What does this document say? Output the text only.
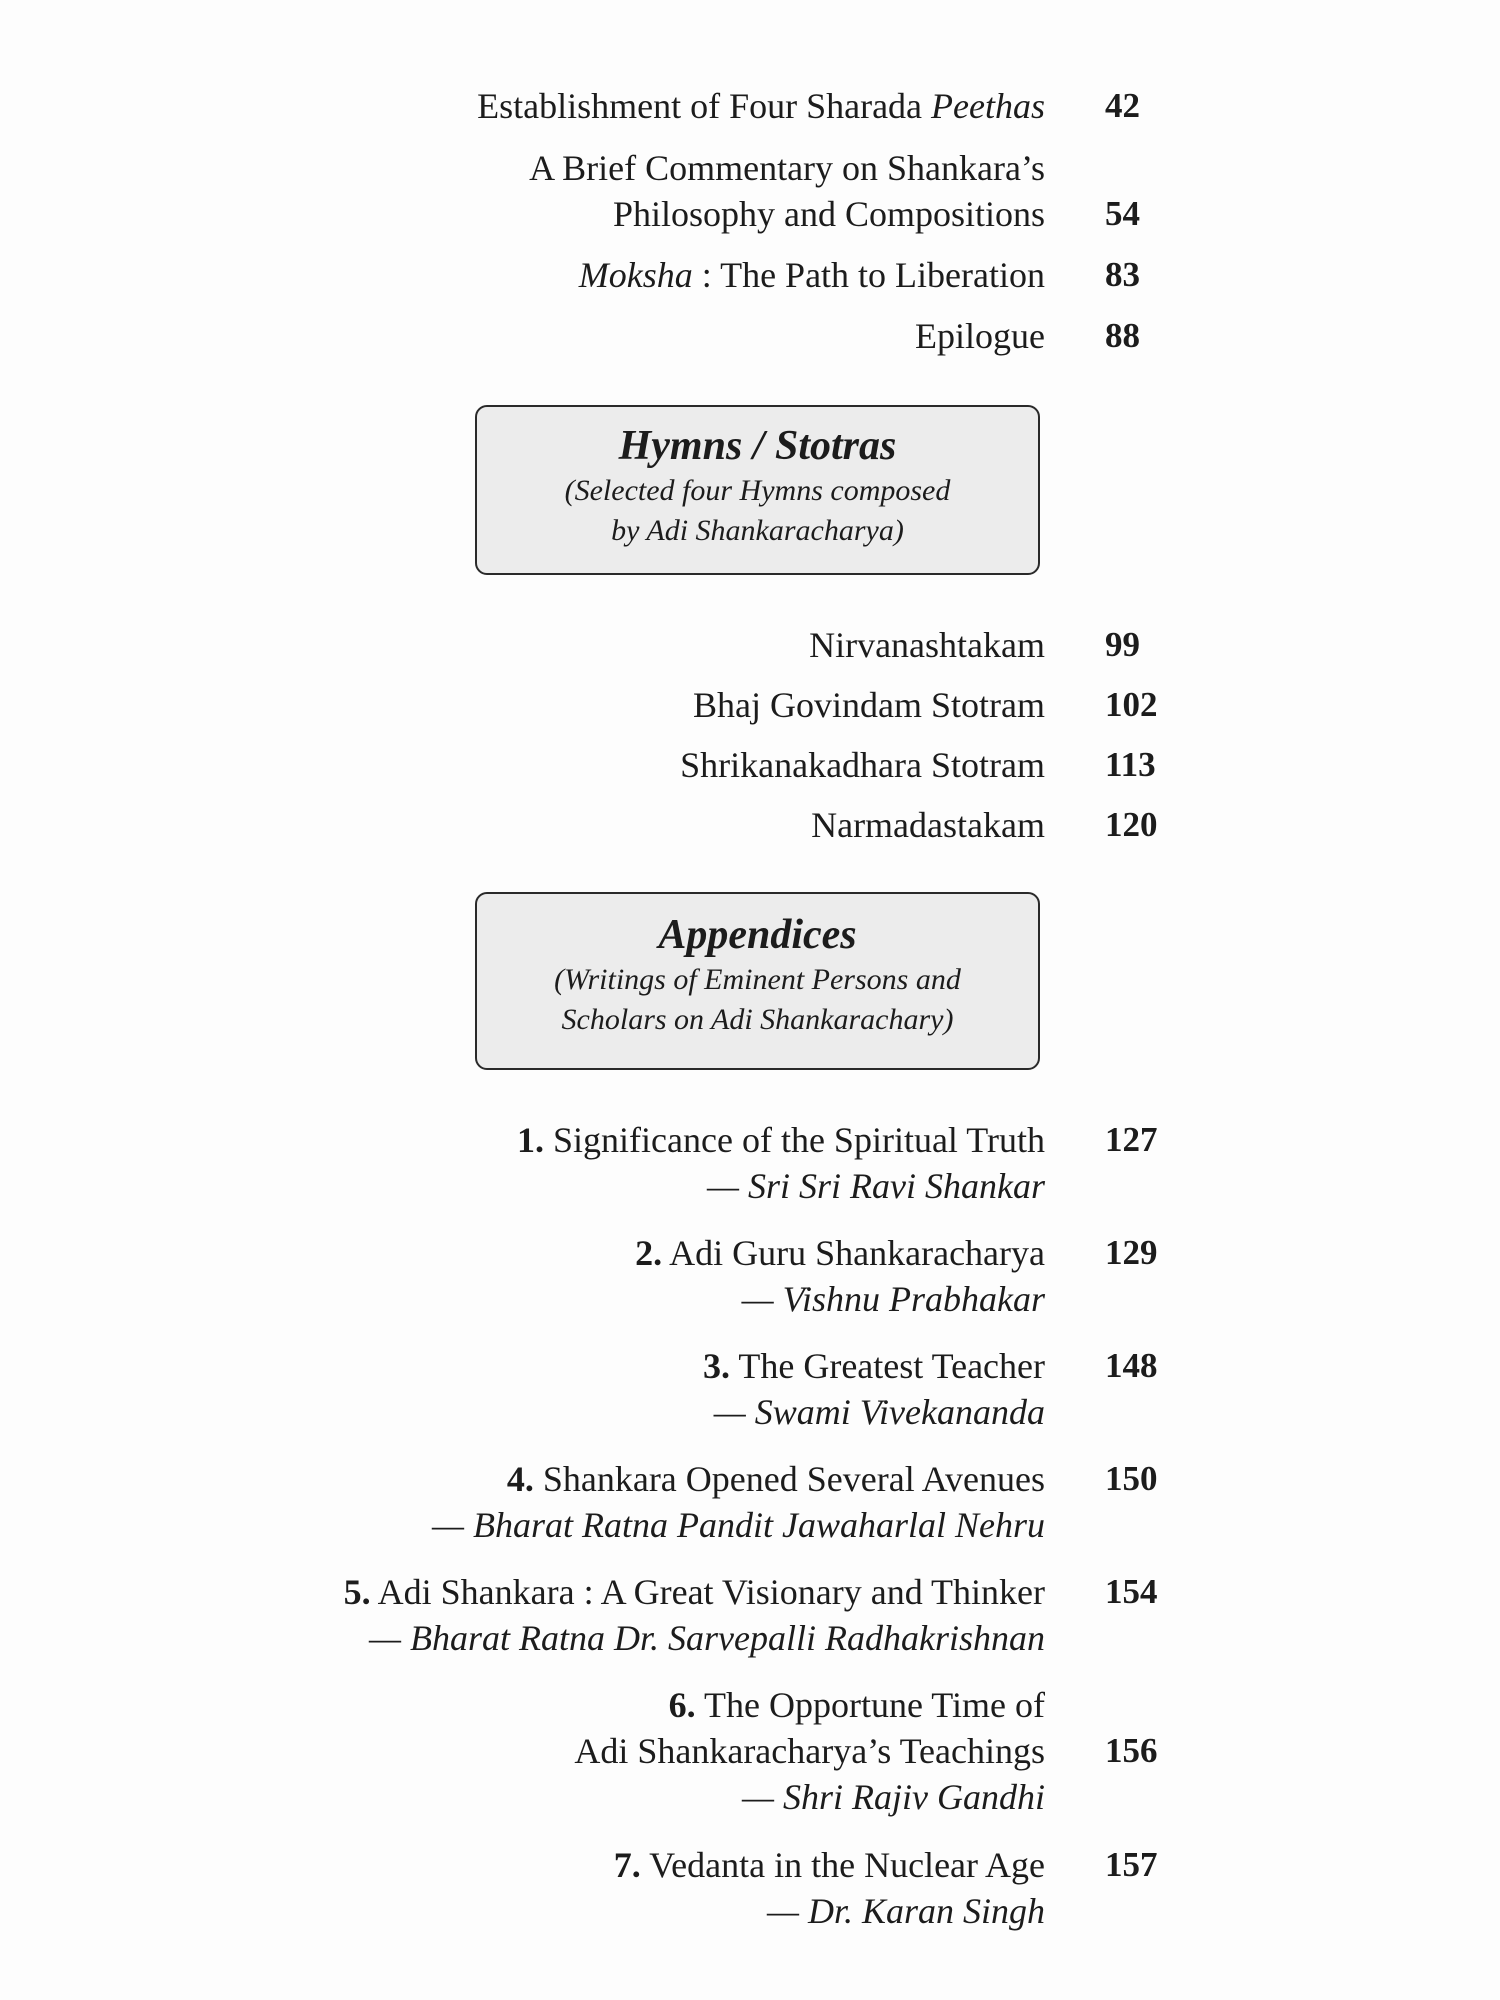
Establishment of Four Sharada Peethas 42
A Brief Commentary on Shankara’s
Philosophy and Compositions 54
Moksha : The Path to Liberation 83
Epilogue 88
Hymns / Stotras
(Selected four Hymns composed
by Adi Shankaracharya)
Nirvanashtakam 99
Bhaj Govindam Stotram 102
Shrikanakadhara Stotram 113
Narmadastakam 120
Appendices
(Writings of Eminent Persons and
Scholars on Adi Shankarachary)
1. Significance of the Spiritual Truth
— Sri Sri Ravi Shankar
127
2. Adi Guru Shankaracharya
— Vishnu Prabhakar
129
3. The Greatest Teacher
— Swami Vivekananda
148
4. Shankara Opened Several Avenues
— Bharat Ratna Pandit Jawaharlal Nehru
150
5. Adi Shankara : A Great Visionary and Thinker
— Bharat Ratna Dr. Sarvepalli Radhakrishnan
154
6. The Opportune Time of
Adi Shankaracharya’s Teachings
— Shri Rajiv Gandhi
156
7. Vedanta in the Nuclear Age
— Dr. Karan Singh
157
